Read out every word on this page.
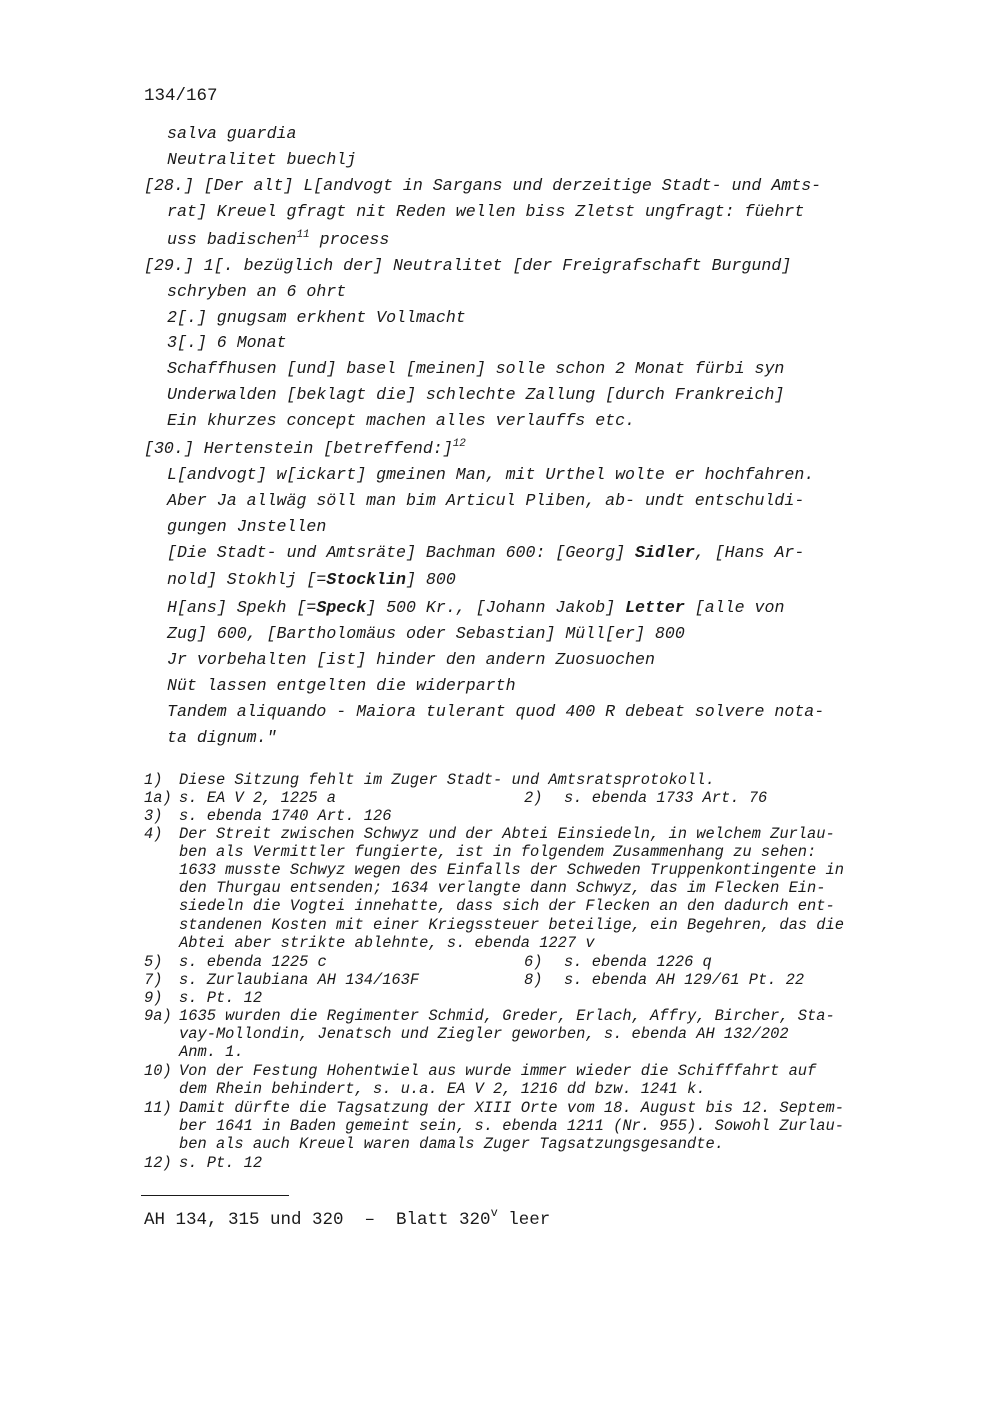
134/167
salva guardia
Neutralitet buechlj
[28.] [Der alt] L[andvogt in Sargans und derzeitige Stadt- und Amts-
rat] Kreuel gfragt nit Reden wellen biss Zletst ungfragt: füehrt
uss badischen$^{11}$ process
[29.] 1[. bezüglich der] Neutralitet [der Freigrafschaft Burgund]
schryben an 6 ohrt
2[.] gnugsam erkhent Vollmacht
3[.] 6 Monat
Schaffhusen [und] basel [meinen] solle schon 2 Monat fürbi syn
Underwalden [beklagt die] schlechte Zallung [durch Frankreich]
Ein khurzes concept machen alles verlauffs etc.
[30.] Hertenstein [betreffend:]$^{12}$
L[andvogt] w[ickart] gmeinen Man, mit Urthel wolte er hochfahren.
Aber Ja allwäg söll man bim Articul Pliben, ab- undt entschuldi-
gungen Jnstellen
[Die Stadt- und Amtsräte] Bachman 600: [Georg] Sidler, [Hans Ar-
nold] Stokhlj [=Stocklin] 800
H[ans] Spekh [=Speck] 500 Kr., [Johann Jakob] Letter [alle von
Zug] 600, [Bartholomäus oder Sebastian] Müll[er] 800
Jr vorbehalten [ist] hinder den andern Zuosuochen
Nüt lassen entgelten die widerparth
Tandem aliquando - Maiora tulerant quod 400 R debeat solvere nota-
ta dignum."
1) Diese Sitzung fehlt im Zuger Stadt- und Amtsratsprotokoll.
1a) s. EA V 2, 1225 a	2) s. ebenda 1733 Art. 76
3) s. ebenda 1740 Art. 126
4) Der Streit zwischen Schwyz und der Abtei Einsiedeln, in welchem Zurlau-
ben als Vermittler fungierte, ist in folgendem Zusammenhang zu sehen:
1633 musste Schwyz wegen des Einfalls der Schweden Truppenkontingente in
den Thurgau entsenden; 1634 verlangte dann Schwyz, das im Flecken Ein-
siedeln die Vogtei innehatte, dass sich der Flecken an den dadurch ent-
standenen Kosten mit einer Kriegssteuer beteilige, ein Begehren, das die
Abtei aber strikte ablehnte, s. ebenda 1227 v
5) s. ebenda 1225 c	6) s. ebenda 1226 q
7) s. Zurlaubiana AH 134/163F	8) s. ebenda AH 129/61 Pt. 22
9) s. Pt. 12
9a) 1635 wurden die Regimenter Schmid, Greder, Erlach, Affry, Bircher, Sta-
vay-Mollondin, Jenatsch und Ziegler geworben, s. ebenda AH 132/202
Anm. 1.
10) Von der Festung Hohentwiel aus wurde immer wieder die Schifffahrt auf
dem Rhein behindert, s. u.a. EA V 2, 1216 dd bzw. 1241 k.
11) Damit dürfte die Tagsatzung der XIII Orte vom 18. August bis 12. Septem-
ber 1641 in Baden gemeint sein, s. ebenda 1211 (Nr. 955). Sowohl Zurlau-
ben als auch Kreuel waren damals Zuger Tagsatzungsgesandte.
12) s. Pt. 12
AH 134, 315 und 320  –  Blatt 320$^v$ leer
